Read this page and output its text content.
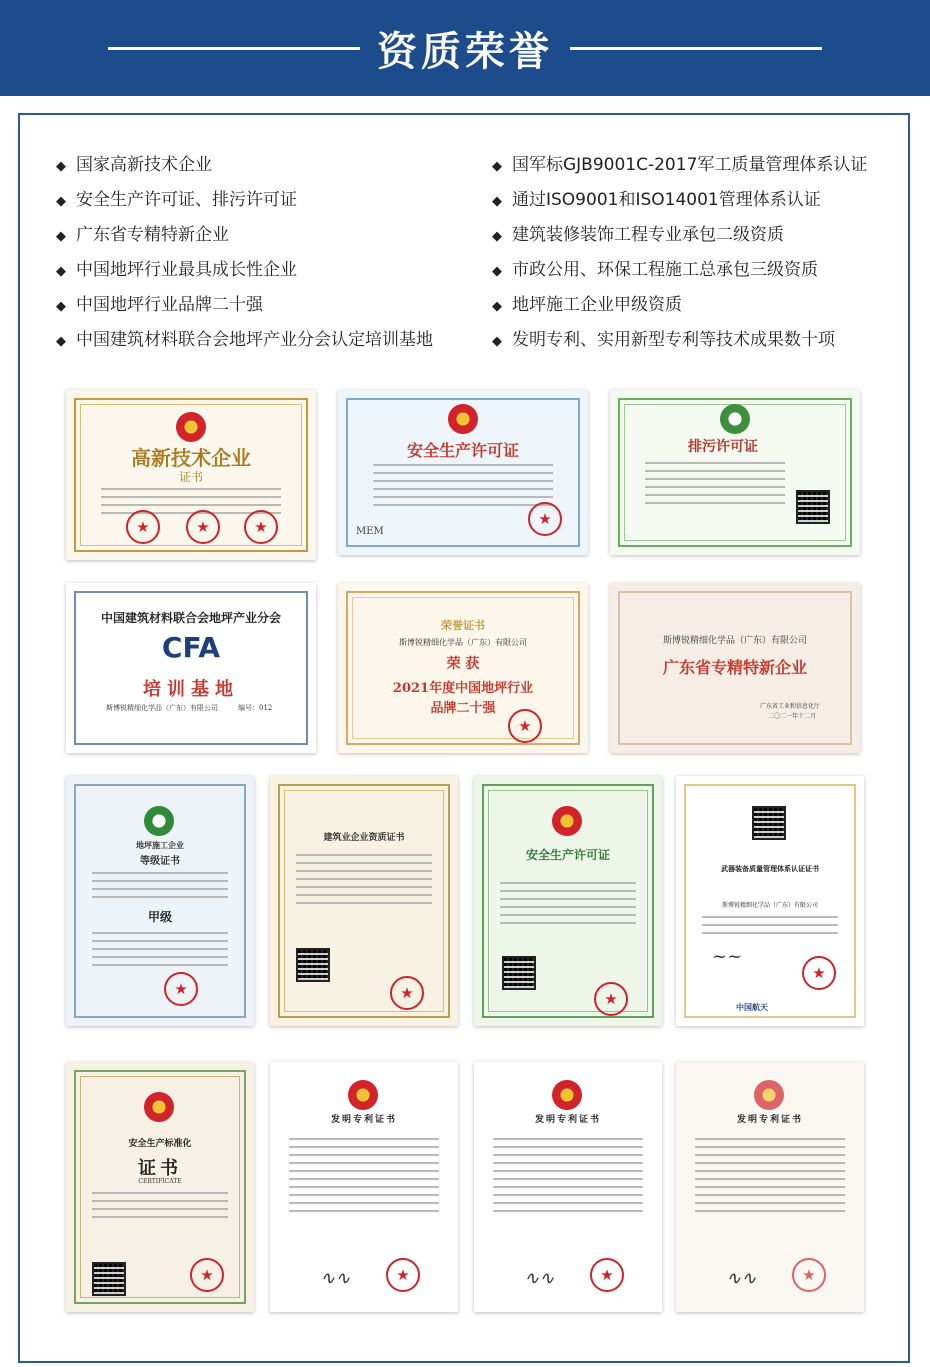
资质荣誉
◆ 国家高新技术企业
◆ 安全生产许可证、排污许可证
◆ 广东省专精特新企业
◆ 中国地坪行业最具成长性企业
◆ 中国地坪行业品牌二十强
◆ 中国建筑材料联合会地坪产业分会认定培训基地
◆ 国军标GJB9001C-2017军工质量管理体系认证
◆ 通过ISO9001和ISO14001管理体系认证
◆ 建筑装修装饰工程专业承包二级资质
◆ 市政公用、环保工程施工总承包三级资质
◆ 地坪施工企业甲级资质
◆ 发明专利、实用新型专利等技术成果数十项
高新技术企业
证书
★
★
★
安全生产许可证
MEM
★
排污许可证
中国建筑材料联合会地坪产业分会
CFA
培训基地
斯博锐精细化学品（广东）有限公司	编号：012
荣誉证书
斯博锐精细化学品（广东）有限公司
荣 获
2021年度中国地坪行业
品牌二十强
★
斯博锐精细化学品（广东）有限公司
广东省专精特新企业
广东省工业和信息化厅
二〇二一年十二月
地坪施工企业
等级证书
甲级
★
建筑业企业资质证书
★
安全生产许可证
★
武器装备质量管理体系认证证书
斯博锐精细化学品（广东）有限公司
~~
★
中国航天
安全生产标准化
证书
CERTIFICATE
★
发明专利证书
∿∿
★
发明专利证书
∿∿
★
发明专利证书
∿∿
★
